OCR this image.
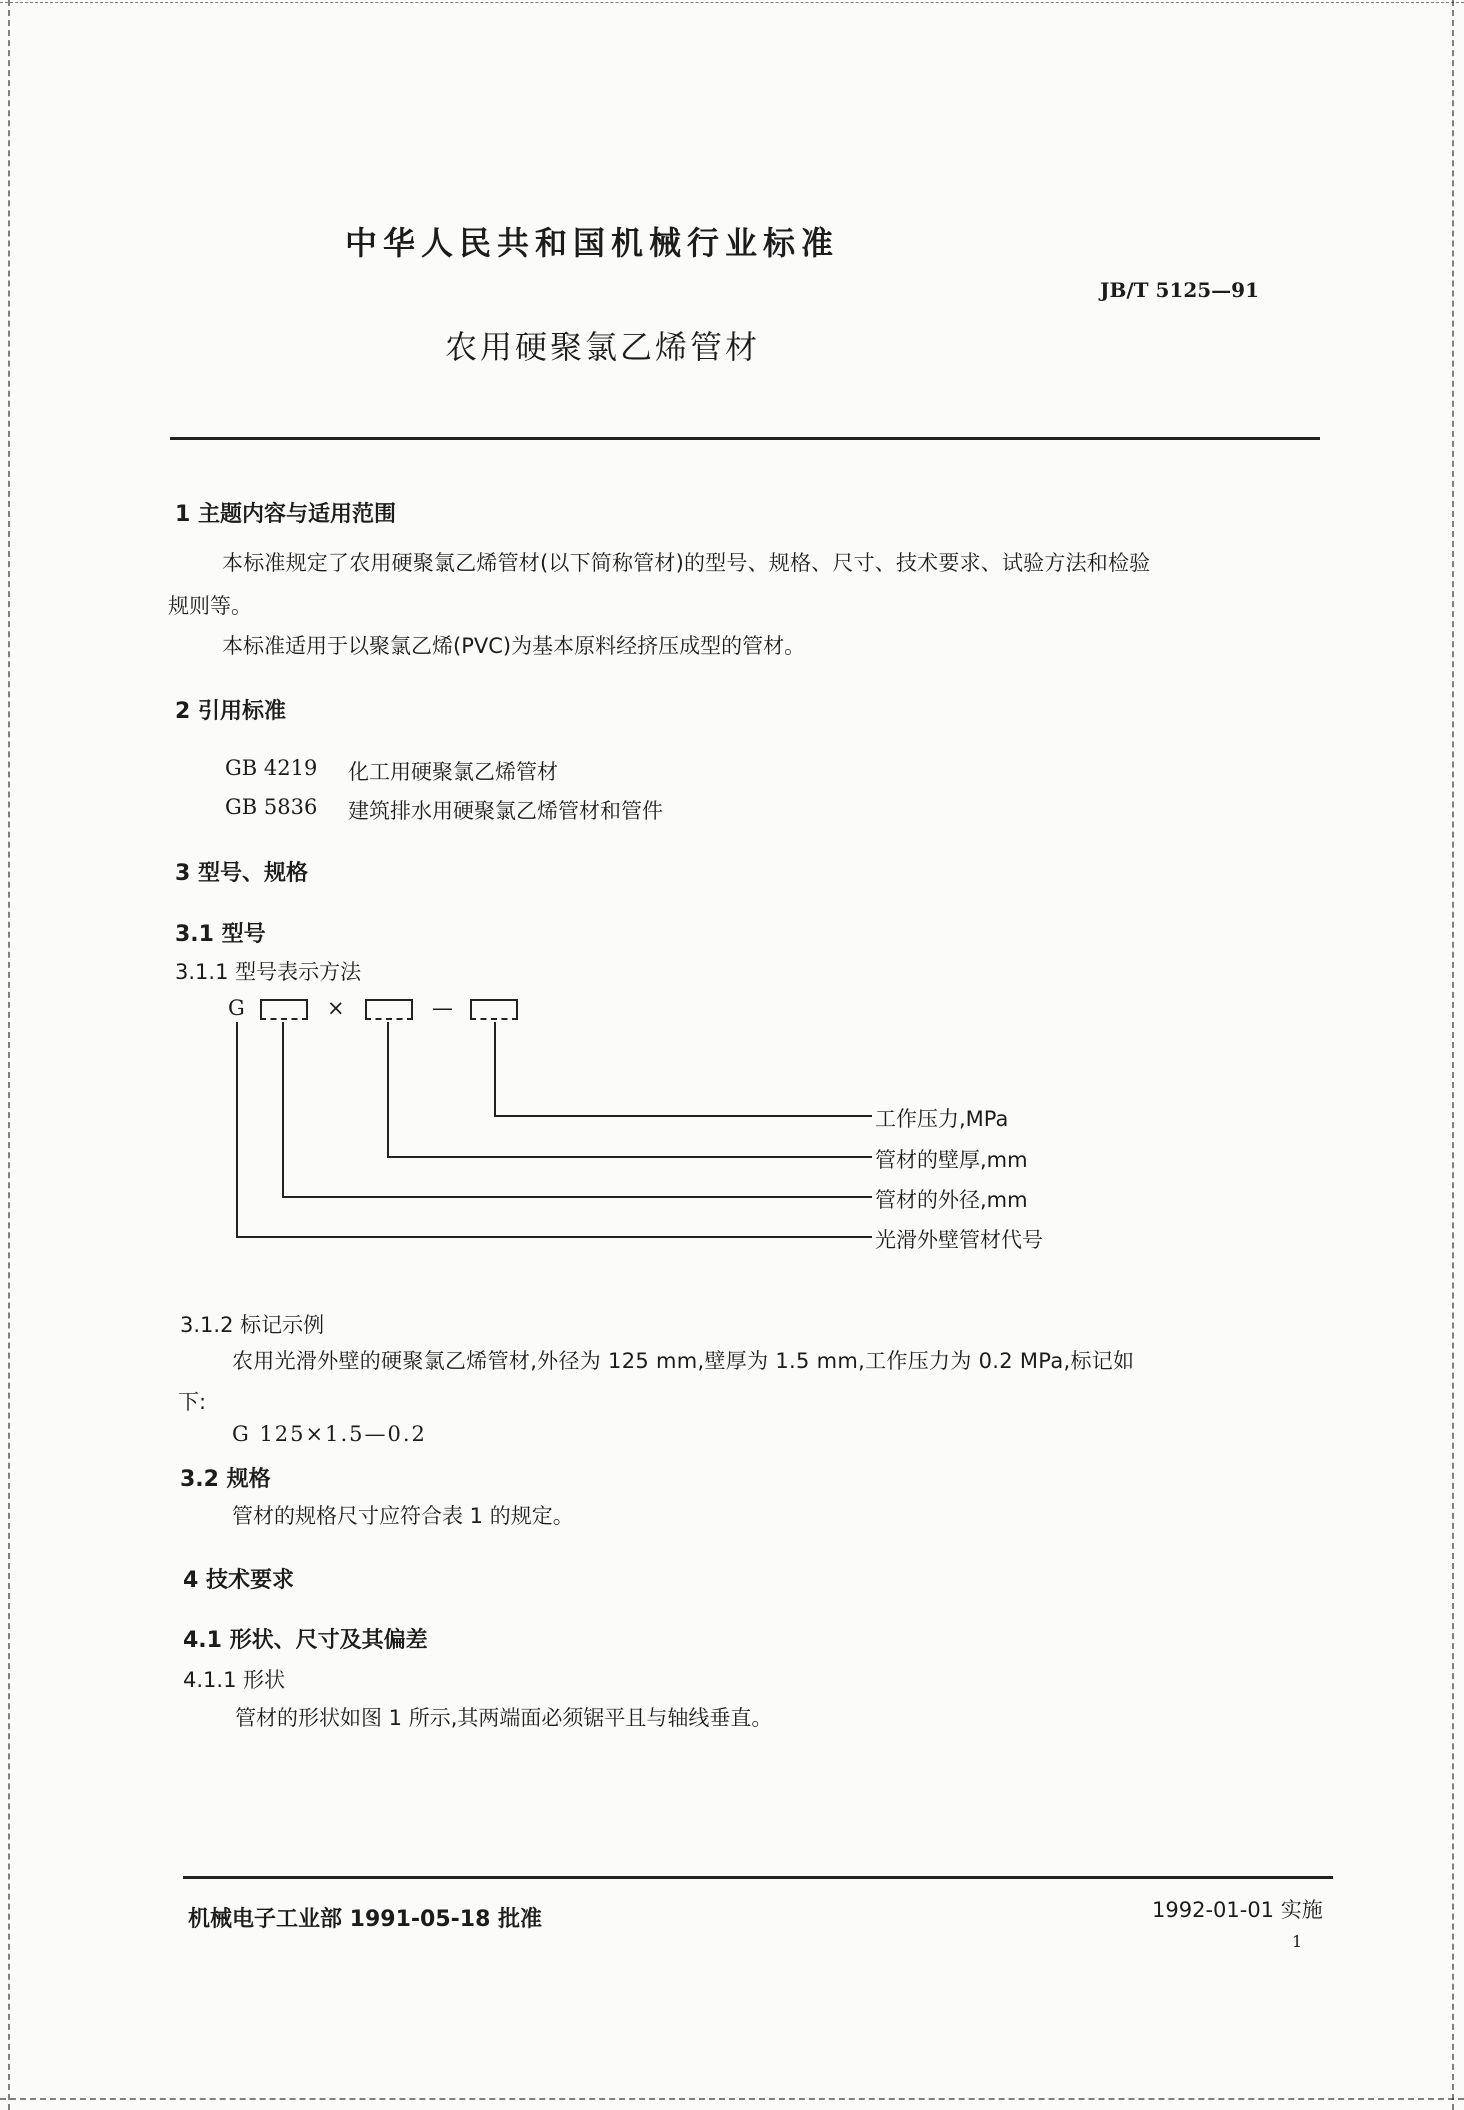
中华人民共和国机械行业标准
JB/T 5125—91
农用硬聚氯乙烯管材
1 主题内容与适用范围
本标准规定了农用硬聚氯乙烯管材(以下简称管材)的型号、规格、尺寸、技术要求、试验方法和检验
规则等。
本标准适用于以聚氯乙烯(PVC)为基本原料经挤压成型的管材。
2 引用标准
GB 4219 化工用硬聚氯乙烯管材
GB 5836 建筑排水用硬聚氯乙烯管材和管件
3 型号、规格
3.1 型号
3.1.1 型号表示方法
G	×	—
工作压力,MPa
管材的壁厚,mm
管材的外径,mm
光滑外壁管材代号
3.1.2 标记示例
农用光滑外壁的硬聚氯乙烯管材,外径为 125 mm,壁厚为 1.5 mm,工作压力为 0.2 MPa,标记如
下:
G 125×1.5—0.2
3.2 规格
管材的规格尺寸应符合表 1 的规定。
4 技术要求
4.1 形状、尺寸及其偏差
4.1.1 形状
管材的形状如图 1 所示,其两端面必须锯平且与轴线垂直。
机械电子工业部 1991-05-18 批准	1992-01-01 实施
1
